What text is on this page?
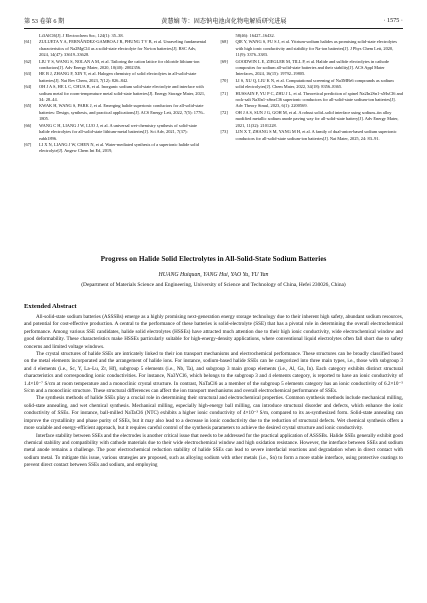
第 53 卷第 6 期	黄慧嫡 等：固态钠电池卤化物电解质研究进展	· 1575 ·
Li3AlCl6[J]. J Electrochem Soc, 124(1): 35–38.
[61]	ZULUETA Y A, FERNÁNDEZ-GAMBOA J R, PHUNG T V B, et al. Unraveling fundamental characteristics of Na2MgCl4 as a solid-state electrolyte for Na-ion batteries[J]. RSC Adv, 2024, 14(47): 33619–33628.
[62]	LIU Y S, WANG S, NOLAN A M, et al. Tailoring the cation lattice for chloride lithium-ion conductors[J]. Adv Energy Mater, 2020, 10(40): 2002356.
[63]	HE B J, ZHANG F, XIN Y, et al. Halogen chemistry of solid electrolytes in all-solid-state batteries[J]. Nat Rev Chem, 2023, 7(12): 826–842.
[64]	OH J A S, HE L C, CHUA B, et al. Inorganic sodium solid-state electrolyte and interface with sodium metal for room-temperature metal solid-state batteries[J]. Energy Storage Mater, 2021, 34: 28–44.
[65]	KWAK H, WANG S, PARK J, et al. Emerging halide superionic conductors for all-solid-state batteries: Design, synthesis, and practical applications[J]. ACS Energy Lett, 2022, 7(5): 1776–1805.
[66]	WANG C H, LIANG J W, LUO J, et al. A universal wet-chemistry synthesis of solid-state halide electrolytes for all-solid-state lithium-metal batteries[J]. Sci Adv, 2021, 7(37): eabh1896.
[67]	LI X N, LIANG J W, CHEN N, et al. Water-mediated synthesis of a superionic halide solid electrolyte[J]. Angew Chem Int Ed, 2019,
58(46): 16427–16432.
[68]	QIE Y, WANG S, FU S J, et al. Yttrium-sodium halides as promising solid-state electrolytes with high ionic conductivity and stability for Na-ion batteries[J]. J Phys Chem Lett, 2020, 11(9): 3376–3383.
[69]	GOODWIN L E, ZIEGLER M, TILL P, et al. Halide and sulfide electrolytes in cathode composites for sodium all-solid-state batteries and their stability[J]. ACS Appl Mater Interfaces, 2024, 16(15): 19792–19805.
[70]	LI S, XU Q, LIU K N, et al. Computational screening of Na3MBr6 compounds as sodium solid electrolytes[J]. Chem Mater, 2022, 34(18): 8356–8365.
[71]	HUSSAIN F, YU P C, ZHU J L, et al. Theoretical prediction of spinel Na2In2Sn1-xMxCl6 and rock-salt Na3In1-xSnxCl6 superionic conductors for all-solid-state sodium-ion batteries[J]. Adv Theory Simul, 2023, 6(1): 2200569.
[72]	OH J A S, SUN J G, GOH M, et al. A robust solid–solid interface using sodium–tin alloy modified metallic sodium anode paving way for all-solid-state battery[J]. Adv Energy Mater, 2021, 11(32): 2101228.
[73]	LIN X T, ZHANG S M, YANG M H, et al. A family of dual-anion-based sodium superionic conductors for all-solid-state sodium-ion batteries[J]. Nat Mater, 2025, 24: 83–91.
Progress on Halide Solid Electrolytes in All-Solid-State Sodium Batteries
HUANG Huiquan, YANG Hui, YAO Yu, YU Yan
(Department of Materials Science and Engineering, University of Science and Technology of China, Hefei 230026, China)
Extended Abstract

All-solid-state sodium batteries (ASSSBs) emerge as a highly promising next-generation energy storage technology due to their inherent high safety, abundant sodium resources, and potential for cost-effective production. A central to the performance of these batteries is solid-electrolyte (SSE) that has a pivotal role in determining the overall electrochemical performance. Among various SSE candidates, halide solid electrolytes (HSSEs) have attracted much attention due to their high ionic conductivity, wide electrochemical window and good deformability. These characteristics make HSSEs particularly suitable for high-energy-density applications, where conventional liquid electrolytes often fall short due to safety concerns and limited voltage windows.

The crystal structures of halide SSEs are intricately linked to their ion transport mechanisms and electrochemical performance. These structures can be broadly classified based on the metal elements incorporated and the arrangement of halide ions. For instance, sodium-based halide SSEs can be categorized into three main types, i.e., those with subgroup 3 and 4 elements (i.e., Sc, Y, La–Lu, Zr, Hf), subgroup 5 elements (i.e., Nb, Ta), and subgroup 3 main group elements (i.e., Al, Ga, In). Each category exhibits distinct structural characteristics and corresponding ionic conductivities. For instance, Na3YCl6, which belongs to the subgroup 3 and 4 elements category, is reported to have an ionic conductivity of 1.4×10⁻⁷ S/cm at room temperature and a monoclinic crystal structure. In contrast, NaTaCl6 as a member of the subgroup 5 elements category has an ionic conductivity of 6.2×10⁻⁵ S/cm and a monoclinic structure. These structural differences can affect the ion transport mechanisms and overall electrochemical performance of SSEs.

The synthesis methods of halide SSEs play a crucial role in determining their structural and electrochemical properties. Common synthesis methods include mechanical milling, solid-state annealing, and wet chemical synthesis. Mechanical milling, especially high-energy ball milling, can introduce structural disorder and defects, which enhance the ionic conductivity of SSEs. For instance, ball-milled NaTaCl6 (NTC) exhibits a higher ionic conductivity of 4×10⁻³ S/m, compared to its as-synthesized form. Solid-state annealing can improve the crystallinity and phase purity of SSEs, but it may also lead to a decrease in ionic conductivity due to the reduction of structural defects. Wet chemical synthesis offers a more scalable and energy-efficient approach, but it requires careful control of the synthesis parameters to achieve the desired crystal structure and ionic conductivity.

Interface stability between SSEs and the electrodes is another critical issue that needs to be addressed for the practical application of ASSSBs. Halide SSEs generally exhibit good chemical stability and compatibility with cathode materials due to their wide electrochemical window and high oxidation resistance. However, the interface between SSEs and sodium metal anode remains a challenge. The poor electrochemical reduction stability of halide SSEs can lead to severe interfacial reactions and degradation when in direct contact with sodium metal. To mitigate this issue, various strategies are proposed, such as alloying sodium with other metals (i.e., Sn) to form a more stable interface, using protective coatings to prevent direct contact between SSEs and sodium, and employing
